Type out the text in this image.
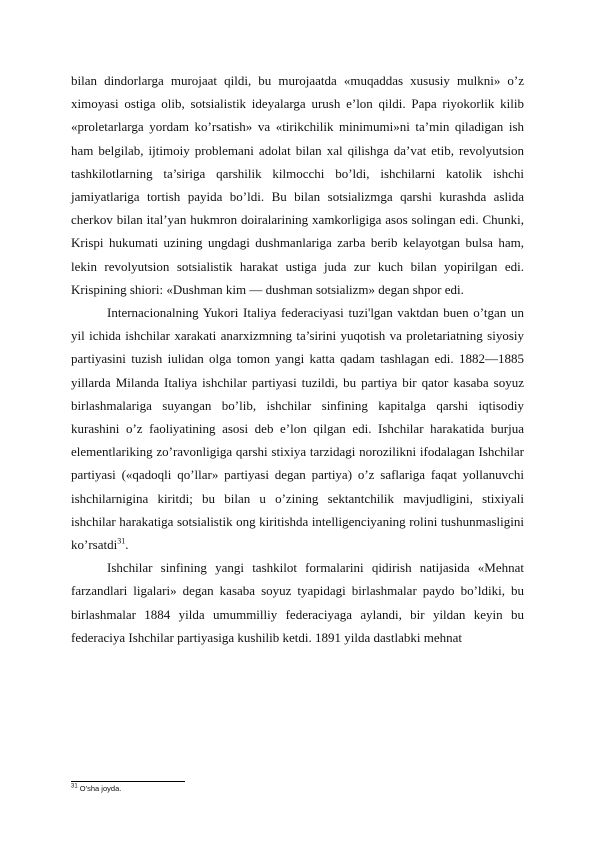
bilan dindorlarga murojaat qildi, bu murojaatda «muqaddas xususiy mulkni» o’z ximoyasi ostiga olib, sotsialistik ideyalarga urush e’lon qildi. Papa riyokorlik kilib «proletarlarga yordam ko’rsatish» va «tirikchilik minimumi»ni ta’min qiladigan ish ham belgilab, ijtimoiy problemani adolat bilan xal qilishga da’vat etib, revolyutsion tashkilotlarning ta’siriga qarshilik kilmocchi bo’ldi, ishchilarni katolik ishchi jamiyatlariga tortish payida bo’ldi. Bu bilan sotsializmga qarshi kurashda aslida cherkov bilan ital’yan hukmron doiralarining xamkorligiga asos solingan edi. Chunki, Krispi hukumati uzining ungdagi dushmanlariga zarba berib kelayotgan bulsa ham, lekin revolyutsion sotsialistik harakat ustiga juda zur kuch bilan yopirilgan edi. Krispining shiori: «Dushman kim — dushman sotsializm» degan shpor edi.

Internacionalning Yukori Italiya federaciyasi tuzi'lgan vaktdan buen o’tgan un yil ichida ishchilar xarakati anarxizmning ta’sirini yuqotish va proletariatning siyosiy partiyasini tuzish iulidan olga tomon yangi katta qadam tashlagan edi. 1882—1885 yillarda Milanda Italiya ishchilar partiyasi tuzildi, bu partiya bir qator kasaba soyuz birlashmalariga suyangan bo’lib, ishchilar sinfining kapitalga qarshi iqtisodiy kurashini o’z faoliyatining asosi deb e’lon qilgan edi. Ishchilar harakatida burjua elementlariking zo’ravonligiga qarshi stixiya tarzidagi norozilikni ifodalagan Ishchilar partiyasi («qadoqli qo’llar» partiyasi degan partiya) o’z saflariga faqat yollanuvchi ishchilarnigina kiritdi; bu bilan u o’zining sektantchilik mavjudligini, stixiyali ishchilar harakatiga sotsialistik ong kiritishda intelligenciyaning rolini tushunmasligini ko’rsatdi$^{31}$.

Ishchilar sinfining yangi tashkilot formalarini qidirish natijasida «Mehnat farzandlari ligalari» degan kasaba soyuz tyapidagi birlashmalar paydo bo’ldiki, bu birlashmalar 1884 yilda umummilliy federaciyaga aylandi, bir yildan keyin bu federaciya Ishchilar partiyasiga kushilib ketdi. 1891 yilda dastlabki mehnat

$^{31}$ O’sha joyda.
